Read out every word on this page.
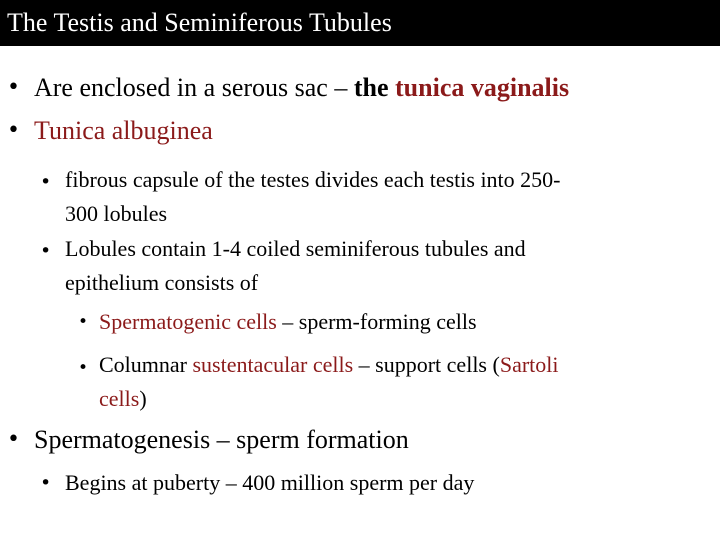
The Testis and Seminiferous Tubules
• Are enclosed in a serous sac – the tunica vaginalis
• Tunica albuginea
• fibrous capsule of the testes divides each testis into 250-
300 lobules
• Lobules contain 1-4 coiled seminiferous tubules and
epithelium consists of
• Spermatogenic cells – sperm-forming cells
• Columnar sustentacular cells – support cells (Sartoli
cells)
• Spermatogenesis – sperm formation
• Begins at puberty – 400 million sperm per day
